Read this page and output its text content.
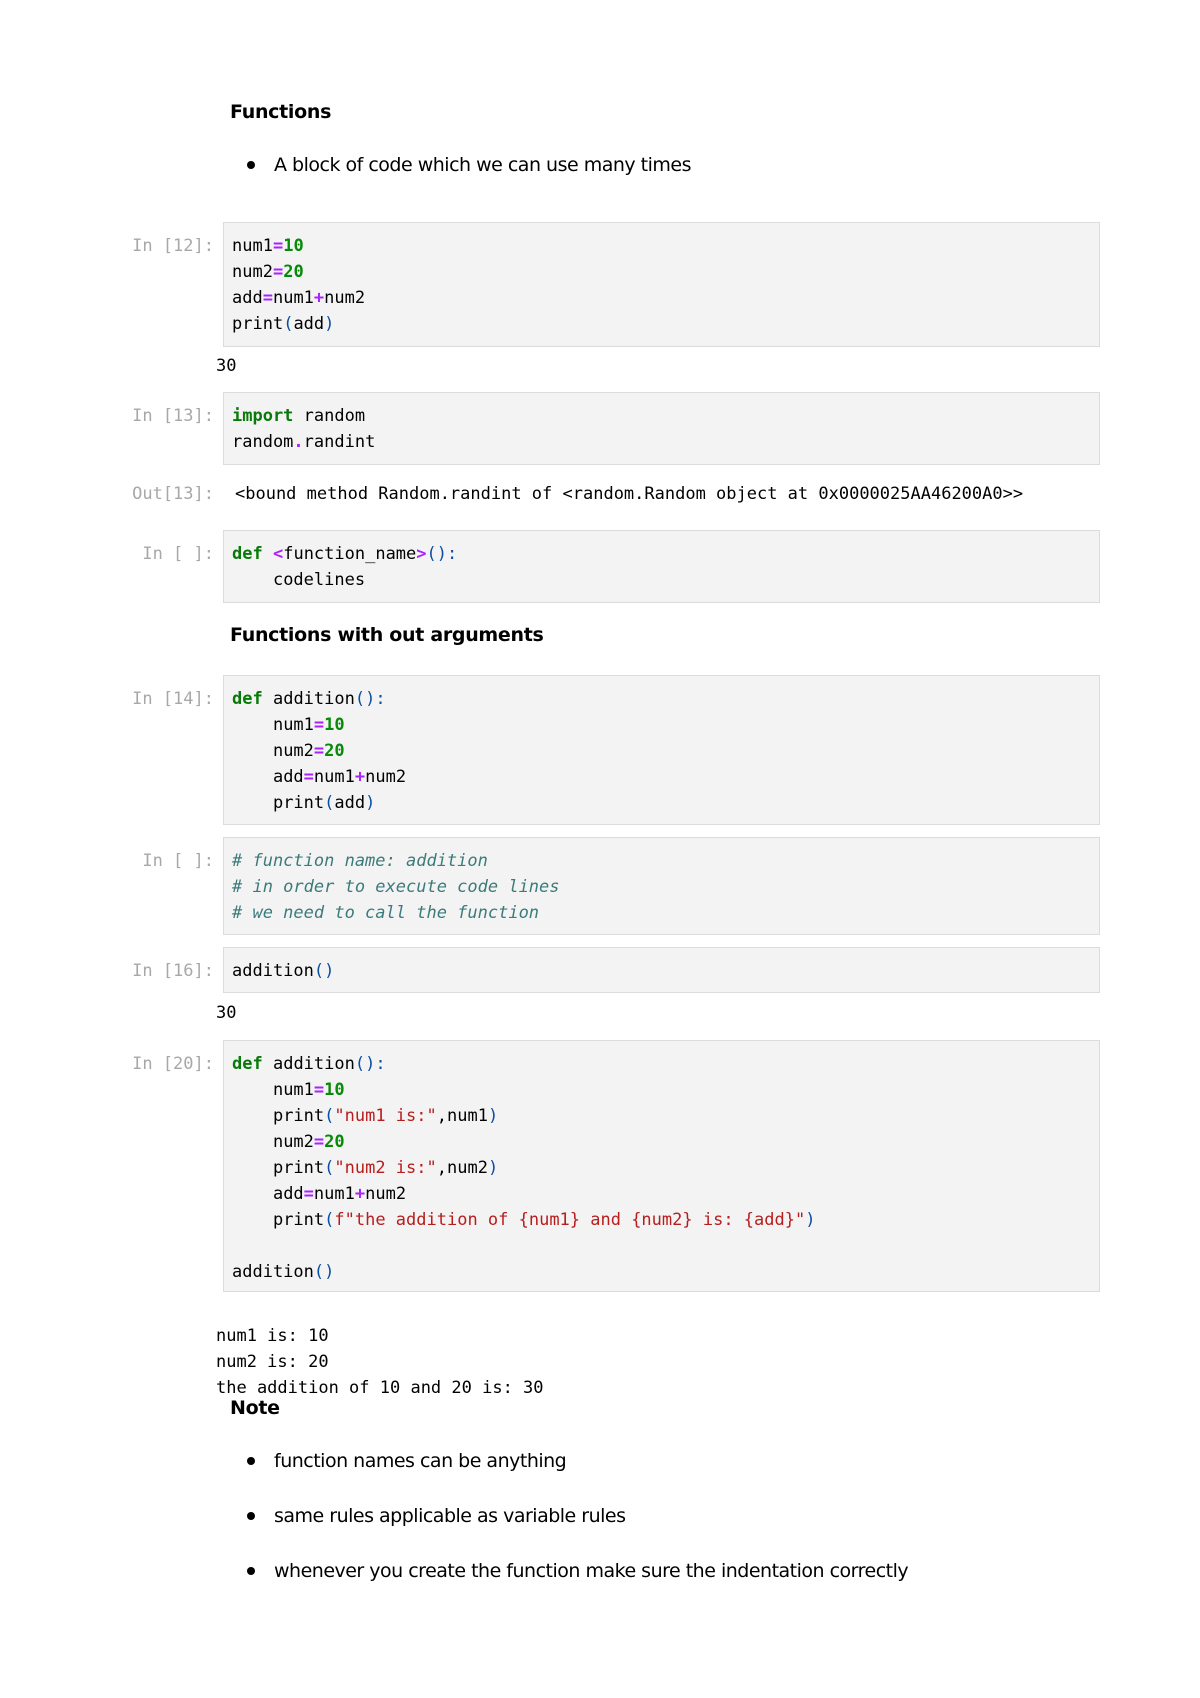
Functions
A block of code which we can use many times
In [12]: num1=10
num2=20
add=num1+num2
print(add)
30
In [13]: import random
random.randint
Out[13]: <bound method Random.randint of <random.Random object at 0x0000025AA46200A0>>
In [ ]: def <function_name>():
codelines
Functions with out arguments
In [14]: def addition():
num1=10
num2=20
add=num1+num2
print(add)
In [ ]: # function name: addition
# in order to execute code lines
# we need to call the function
In [16]: addition()
30
In [20]: def addition():
num1=10
print("num1 is:",num1)
num2=20
print("num2 is:",num2)
add=num1+num2
print(f"the addition of {num1} and {num2} is: {add}")

addition()

num1 is: 10
num2 is: 20
the addition of 10 and 20 is: 30

Note
function names can be anything
same rules applicable as variable rules
whenever you create the function make sure the indentation correctly
